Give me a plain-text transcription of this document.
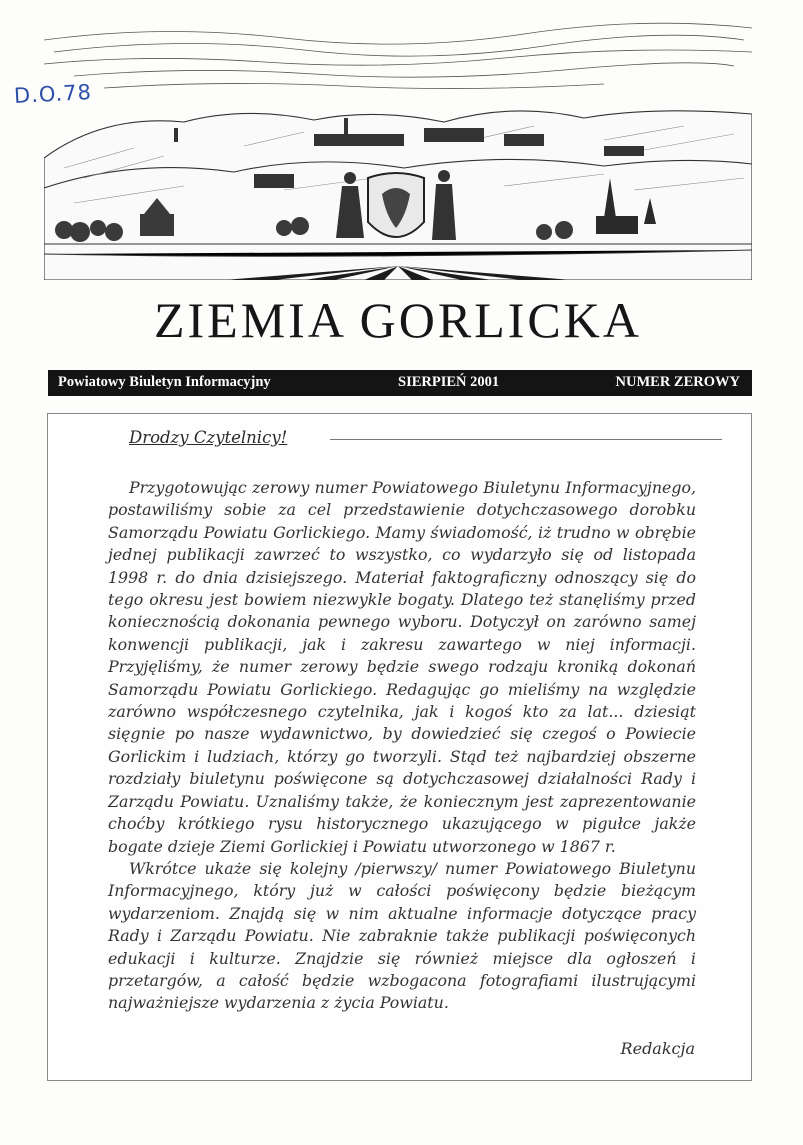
D.O.78
ZIEMIA GORLICKA
Powiatowy Biuletyn Informacyjny	SIERPIEŃ 2001	NUMER ZEROWY
Drodzy Czytelnicy!

Przygotowując zerowy numer Powiatowego Biuletynu Informacyjnego, postawiliśmy sobie za cel przedstawienie dotychczasowego dorobku Samorządu Powiatu Gorlickiego. Mamy świadomość, iż trudno w obrębie jednej publikacji zawrzeć to wszystko, co wydarzyło się od listopada 1998 r. do dnia dzisiejszego. Materiał faktograficzny odnoszący się do tego okresu jest bowiem niezwykle bogaty. Dlatego też stanęliśmy przed koniecznością dokonania pewnego wyboru. Dotyczył on zarówno samej konwencji publikacji, jak i zakresu zawartego w niej informacji. Przyjęliśmy, że numer zerowy będzie swego rodzaju kroniką dokonań Samorządu Powiatu Gorlickiego. Redagując go mieliśmy na względzie zarówno współczesnego czytelnika, jak i kogoś kto za lat... dziesiąt sięgnie po nasze wydawnictwo, by dowiedzieć się czegoś o Powiecie Gorlickim i ludziach, którzy go tworzyli. Stąd też najbardziej obszerne rozdziały biuletynu poświęcone są dotychczasowej działalności Rady i Zarządu Powiatu. Uznaliśmy także, że koniecznym jest zaprezentowanie choćby krótkiego rysu historycznego ukazującego w pigułce jakże bogate dzieje Ziemi Gorlickiej i Powiatu utworzonego w 1867 r.

Wkrótce ukaże się kolejny /pierwszy/ numer Powiatowego Biuletynu Informacyjnego, który już w całości poświęcony będzie bieżącym wydarzeniom. Znajdą się w nim aktualne informacje dotyczące pracy Rady i Zarządu Powiatu. Nie zabraknie także publikacji poświęconych edukacji i kulturze. Znajdzie się również miejsce dla ogłoszeń i przetargów, a całość będzie wzbogacona fotografiami ilustrującymi najważniejsze wydarzenia z życia Powiatu.

Redakcja
